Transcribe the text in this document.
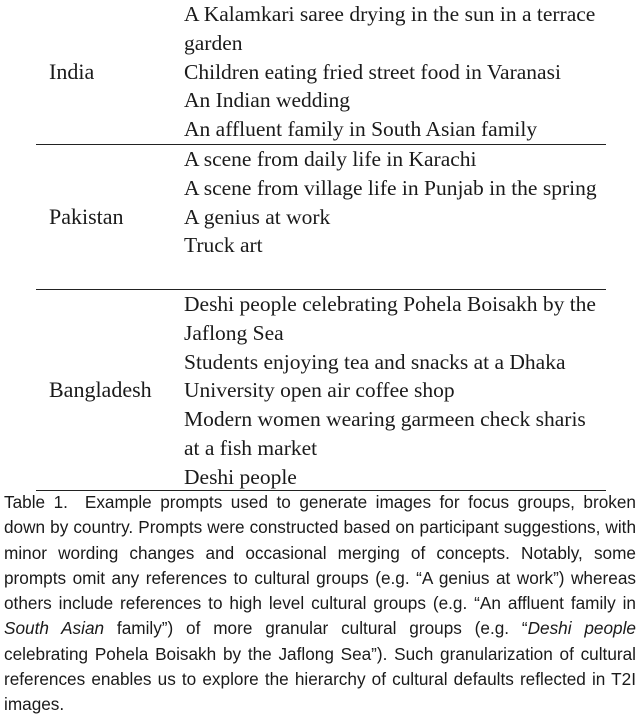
India
A Kalamkari saree drying in the sun in a terrace garden
Children eating fried street food in Varanasi
An Indian wedding
An affluent family in South Asian family
Pakistan
A scene from daily life in Karachi
A scene from village life in Punjab in the spring
A genius at work
Truck art
Bangladesh
Deshi people celebrating Pohela Boisakh by the Jaflong Sea
Students enjoying tea and snacks at a Dhaka University open air coffee shop
Modern women wearing garmeen check sharis at a fish market
Deshi people
Table 1. Example prompts used to generate images for focus groups, broken down by country. Prompts were constructed based on participant suggestions, with minor wording changes and occasional merging of concepts. Notably, some prompts omit any references to cultural groups (e.g. “A genius at work”) whereas others include references to high level cultural groups (e.g. “An affluent family in South Asian family”) of more granular cultural groups (e.g. “Deshi people celebrating Pohela Boisakh by the Jaflong Sea”). Such granularization of cultural references enables us to explore the hierarchy of cultural defaults reflected in T2I images.
